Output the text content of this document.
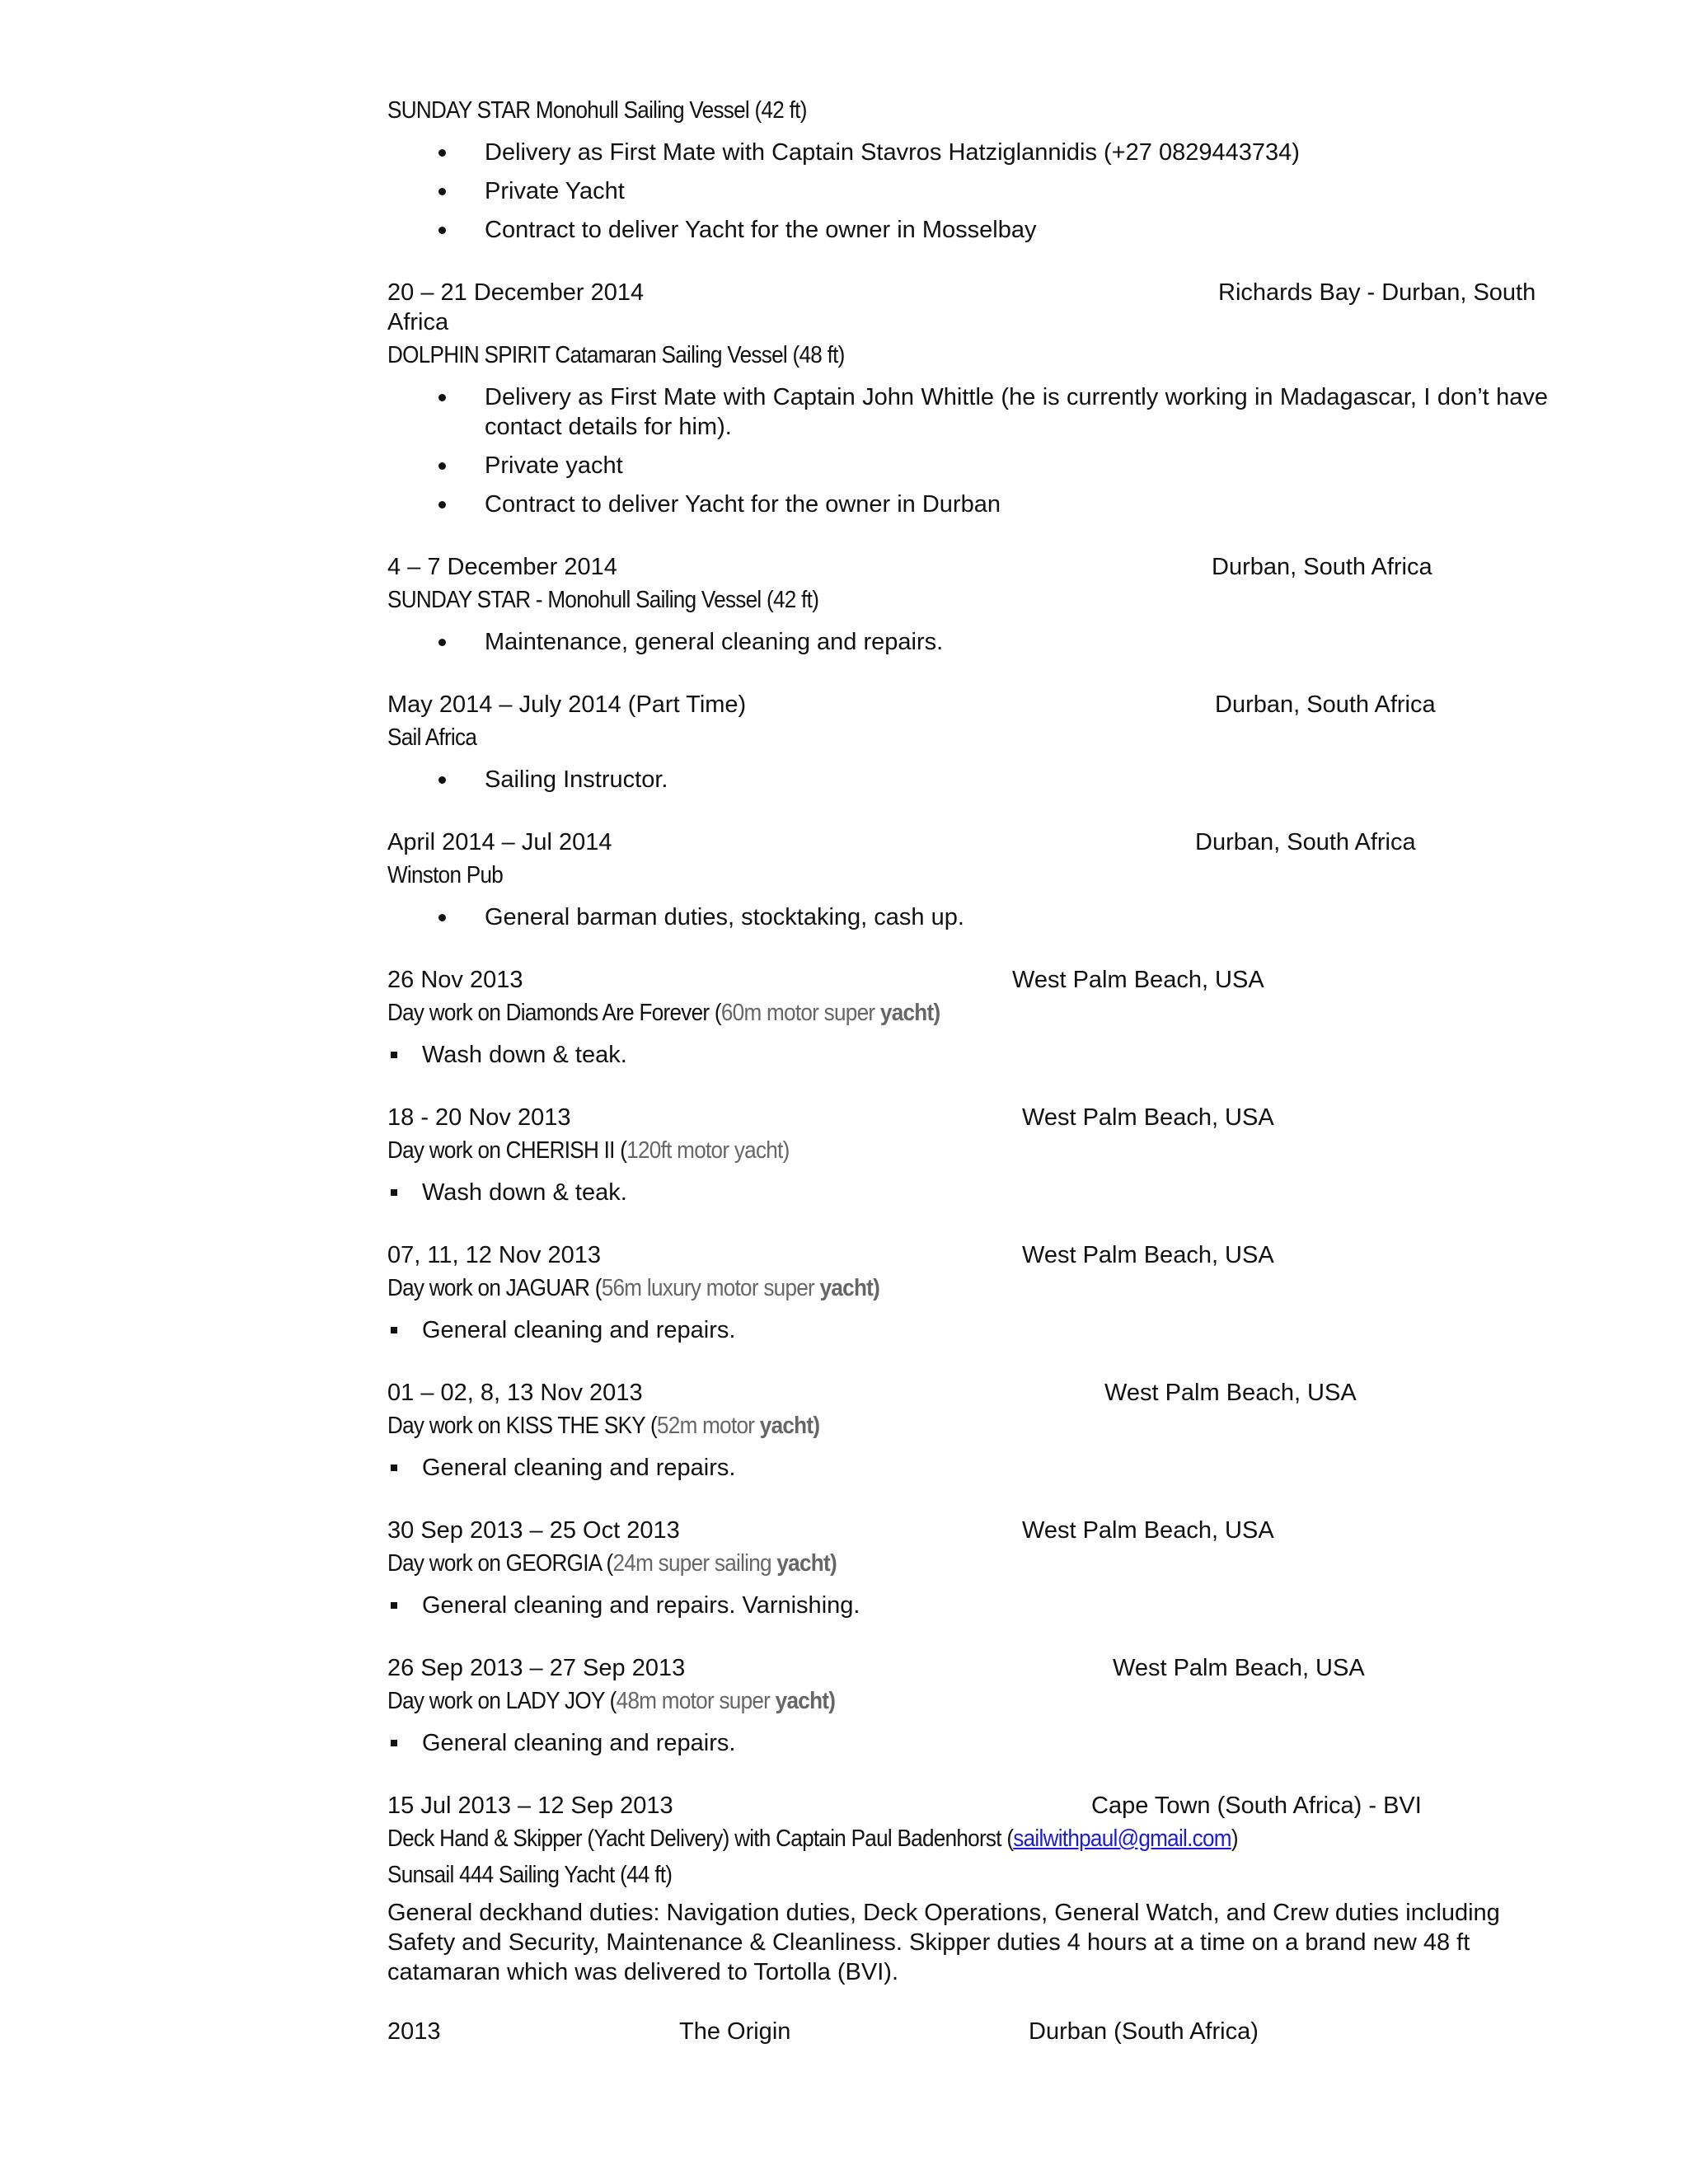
SUNDAY STAR Monohull Sailing Vessel (42 ft)
Delivery as First Mate with Captain Stavros Hatziglannidis (+27 0829443734)
Private Yacht
Contract to deliver Yacht for the owner in Mosselbay
20 – 21 December 2014	Richards Bay - Durban, South
Africa
DOLPHIN SPIRIT Catamaran Sailing Vessel (48 ft)
Delivery as First Mate with Captain John Whittle (he is currently working in Madagascar, I don’t have contact details for him).
Private yacht
Contract to deliver Yacht for the owner in Durban
4 – 7 December 2014	Durban, South Africa
SUNDAY STAR - Monohull Sailing Vessel (42 ft)
Maintenance, general cleaning and repairs.
May 2014 – July 2014 (Part Time)	Durban, South Africa
Sail Africa
Sailing Instructor.
April 2014 – Jul 2014	Durban, South Africa
Winston Pub
General barman duties, stocktaking, cash up.
26 Nov 2013	West Palm Beach, USA
Day work on Diamonds Are Forever (60m motor super yacht)
Wash down & teak.
18 - 20 Nov 2013	West Palm Beach, USA
Day work on CHERISH II (120ft motor yacht)
Wash down & teak.
07, 11, 12 Nov 2013	West Palm Beach, USA
Day work on JAGUAR (56m luxury motor super yacht)
General cleaning and repairs.
01 – 02, 8, 13 Nov 2013	West Palm Beach, USA
Day work on KISS THE SKY (52m motor yacht)
General cleaning and repairs.
30 Sep 2013 – 25 Oct 2013	West Palm Beach, USA
Day work on GEORGIA (24m super sailing yacht)
General cleaning and repairs. Varnishing.
26 Sep 2013 – 27 Sep 2013	West Palm Beach, USA
Day work on LADY JOY (48m motor super yacht)
General cleaning and repairs.
15 Jul 2013 – 12 Sep 2013	Cape Town (South Africa) - BVI
Deck Hand & Skipper (Yacht Delivery) with Captain Paul Badenhorst (sailwithpaul@gmail.com)
Sunsail 444 Sailing Yacht (44 ft)
General deckhand duties: Navigation duties, Deck Operations, General Watch, and Crew duties including Safety and Security, Maintenance & Cleanliness. Skipper duties 4 hours at a time on a brand new 48 ft catamaran which was delivered to Tortolla (BVI).
2013	The Origin	Durban (South Africa)
